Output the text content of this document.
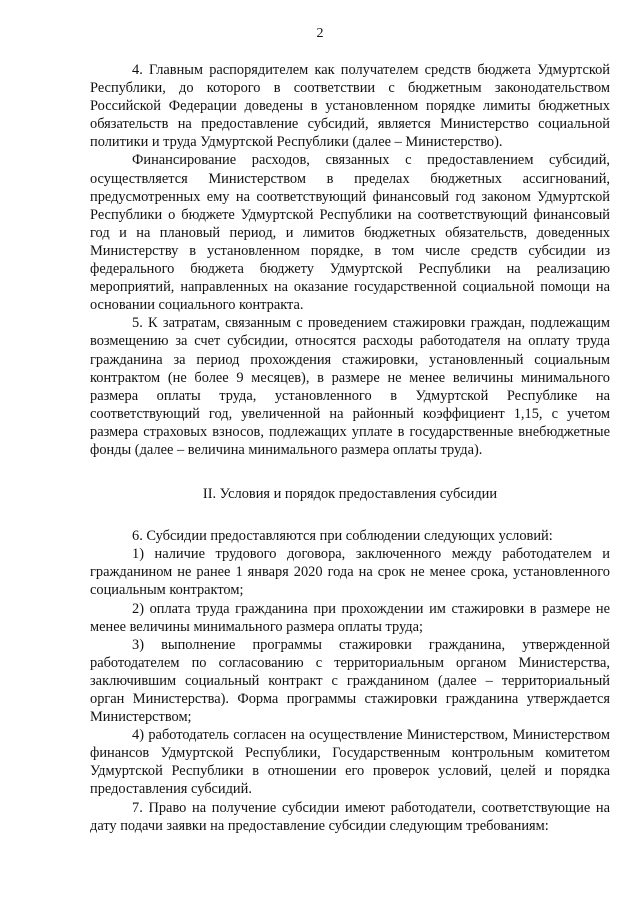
2

4. Главным распорядителем как получателем средств бюджета Удмуртской Республики, до которого в соответствии с бюджетным законодательством Российской Федерации доведены в установленном порядке лимиты бюджетных обязательств на предоставление субсидий, является Министерство социальной политики и труда Удмуртской Республики (далее – Министерство).

Финансирование расходов, связанных с предоставлением субсидий, осуществляется Министерством в пределах бюджетных ассигнований, предусмотренных ему на соответствующий финансовый год законом Удмуртской Республики о бюджете Удмуртской Республики на соответствующий финансовый год и на плановый период, и лимитов бюджетных обязательств, доведенных Министерству в установленном порядке, в том числе средств субсидии из федерального бюджета бюджету Удмуртской Республики на реализацию мероприятий, направленных на оказание государственной социальной помощи на основании социального контракта.

5. К затратам, связанным с проведением стажировки граждан, подлежащим возмещению за счет субсидии, относятся расходы работодателя на оплату труда гражданина за период прохождения стажировки, установленный социальным контрактом (не более 9 месяцев), в размере не менее величины минимального размера оплаты труда, установленного в Удмуртской Республике на соответствующий год, увеличенной на районный коэффициент 1,15, с учетом размера страховых взносов, подлежащих уплате в государственные внебюджетные фонды (далее – величина минимального размера оплаты труда).

II. Условия и порядок предоставления субсидии

6. Субсидии предоставляются при соблюдении следующих условий:

1) наличие трудового договора, заключенного между работодателем и гражданином не ранее 1 января 2020 года на срок не менее срока, установленного социальным контрактом;

2) оплата труда гражданина при прохождении им стажировки в размере не менее величины минимального размера оплаты труда;

3) выполнение программы стажировки гражданина, утвержденной работодателем по согласованию с территориальным органом Министерства, заключившим социальный контракт с гражданином (далее – территориальный орган Министерства). Форма программы стажировки гражданина утверждается Министерством;

4) работодатель согласен на осуществление Министерством, Министерством финансов Удмуртской Республики, Государственным контрольным комитетом Удмуртской Республики в отношении его проверок условий, целей и порядка предоставления субсидий.

7. Право на получение субсидии имеют работодатели, соответствующие на дату подачи заявки на предоставление субсидии следующим требованиям:
